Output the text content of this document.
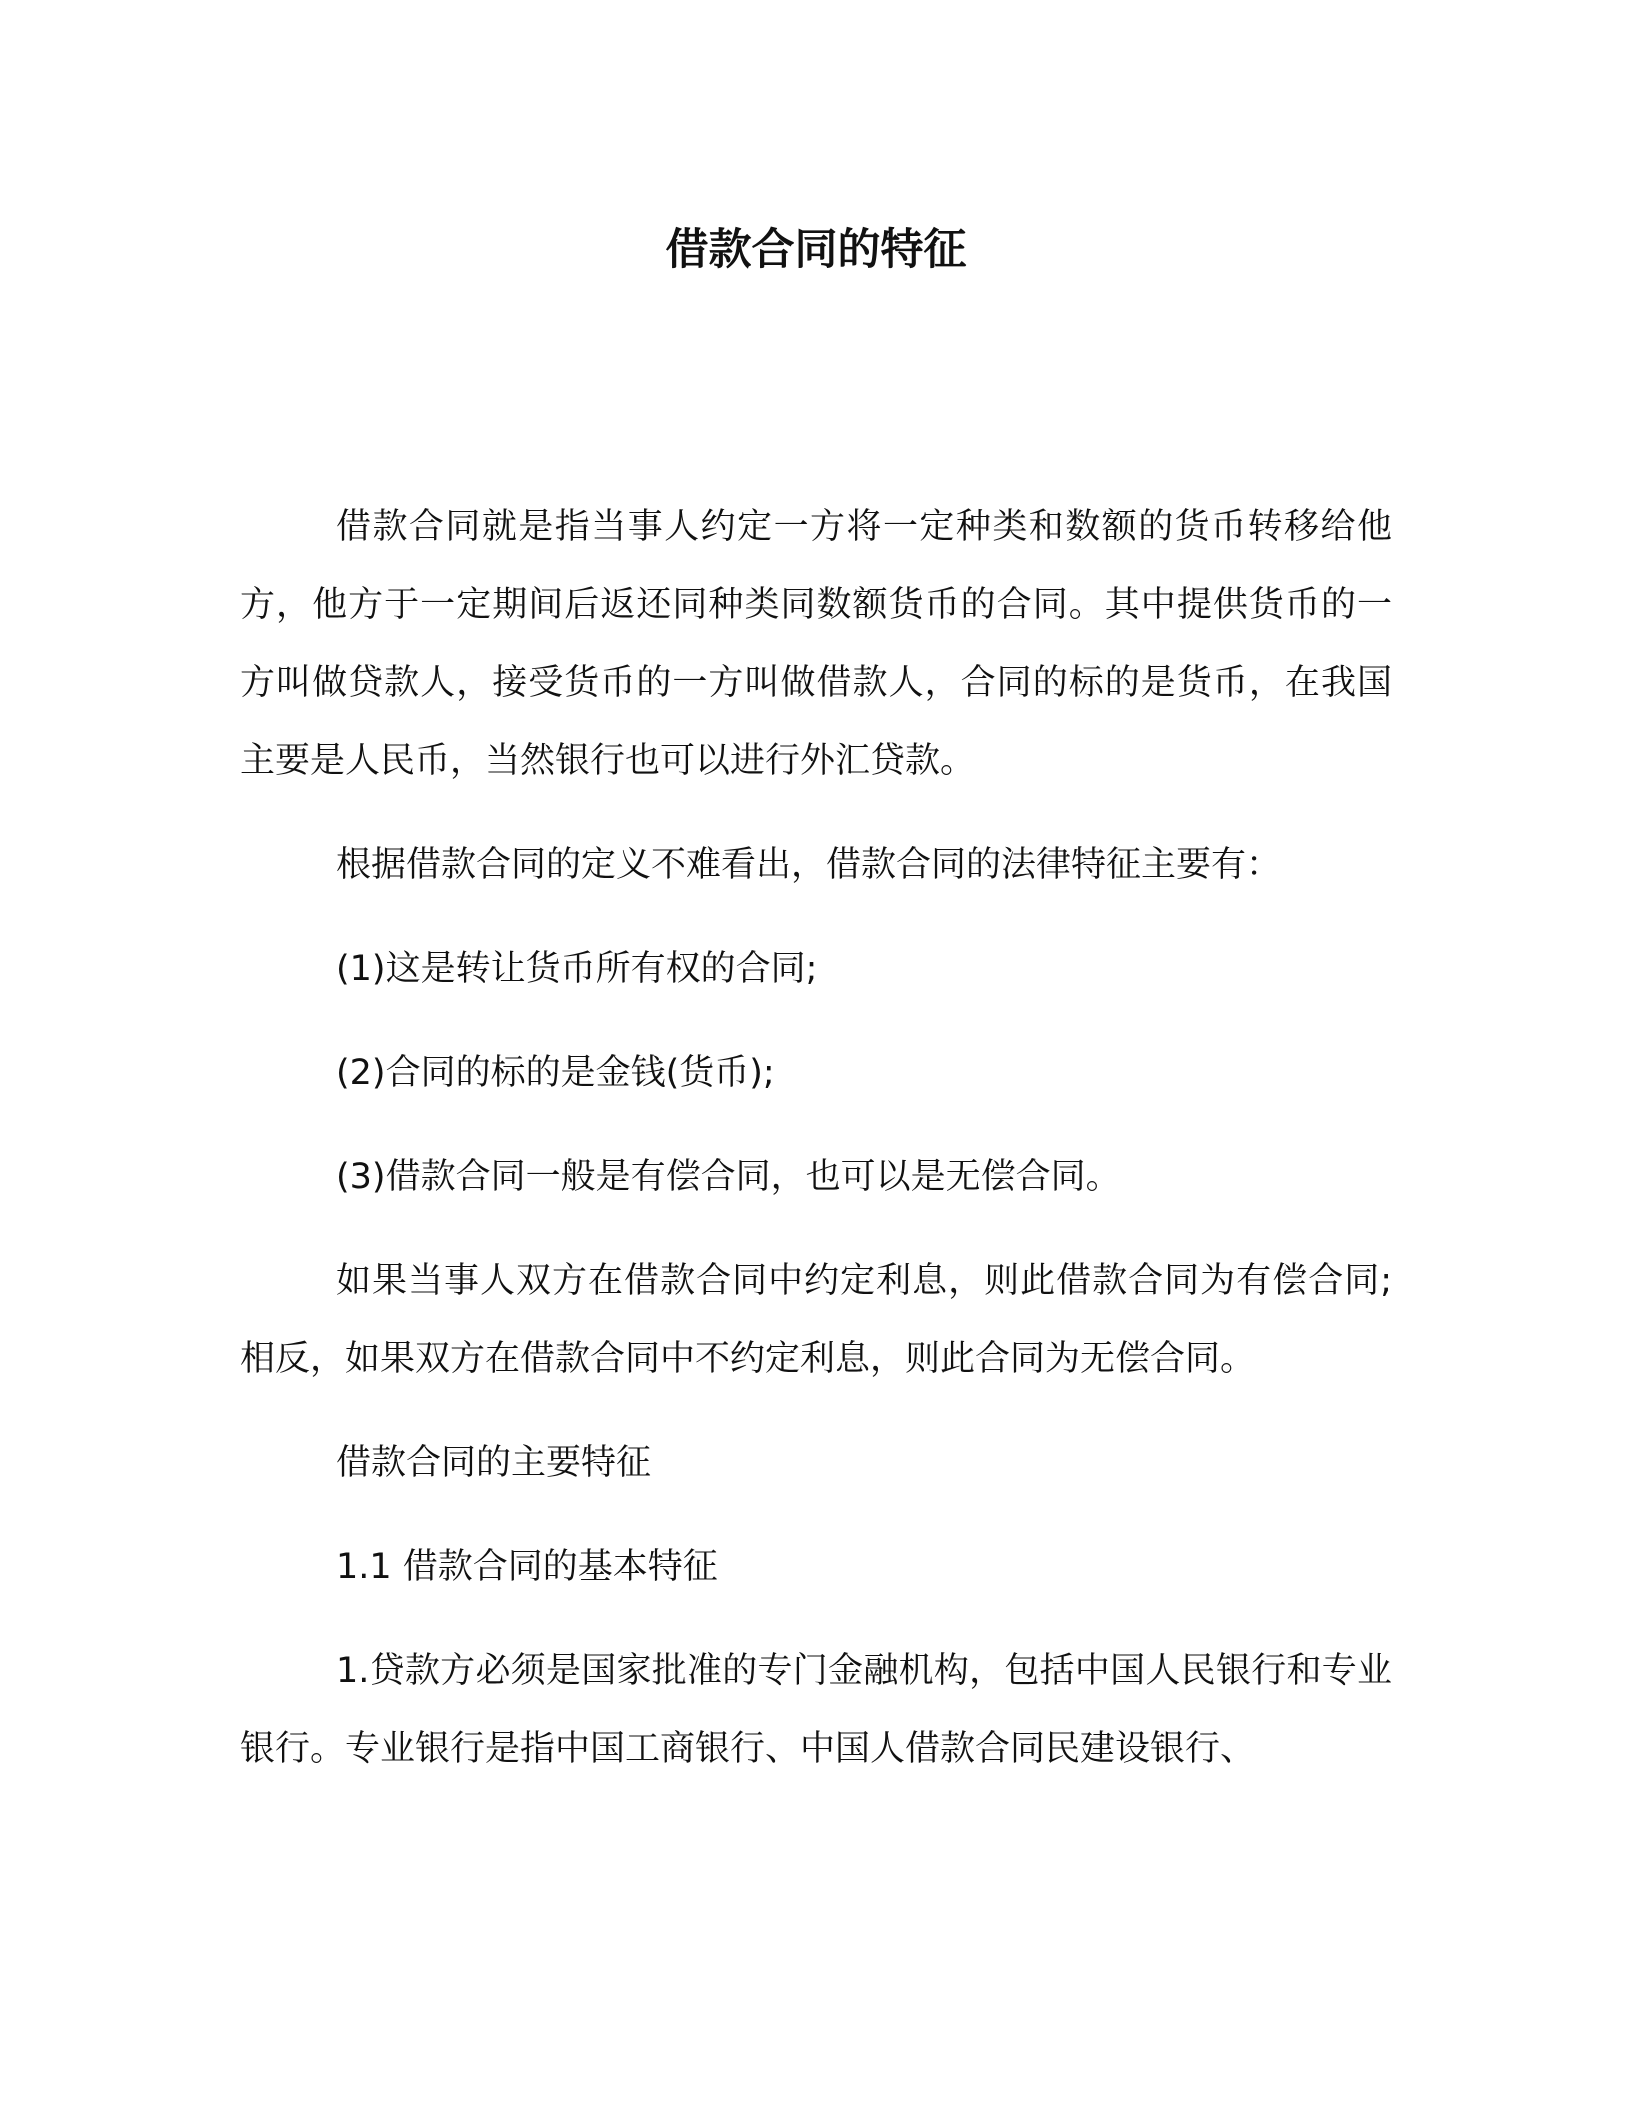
借款合同的特征

借款合同就是指当事人约定一方将一定种类和数额的货币转移给他方，他方于一定期间后返还同种类同数额货币的合同。其中提供货币的一方叫做贷款人，接受货币的一方叫做借款人，合同的标的是货币，在我国主要是人民币，当然银行也可以进行外汇贷款。

根据借款合同的定义不难看出，借款合同的法律特征主要有：

(1)这是转让货币所有权的合同;

(2)合同的标的是金钱(货币);

(3)借款合同一般是有偿合同，也可以是无偿合同。

如果当事人双方在借款合同中约定利息，则此借款合同为有偿合同;相反，如果双方在借款合同中不约定利息，则此合同为无偿合同。

借款合同的主要特征

1.1 借款合同的基本特征

1.贷款方必须是国家批准的专门金融机构，包括中国人民银行和专业银行。专业银行是指中国工商银行、中国人借款合同民建设银行、
